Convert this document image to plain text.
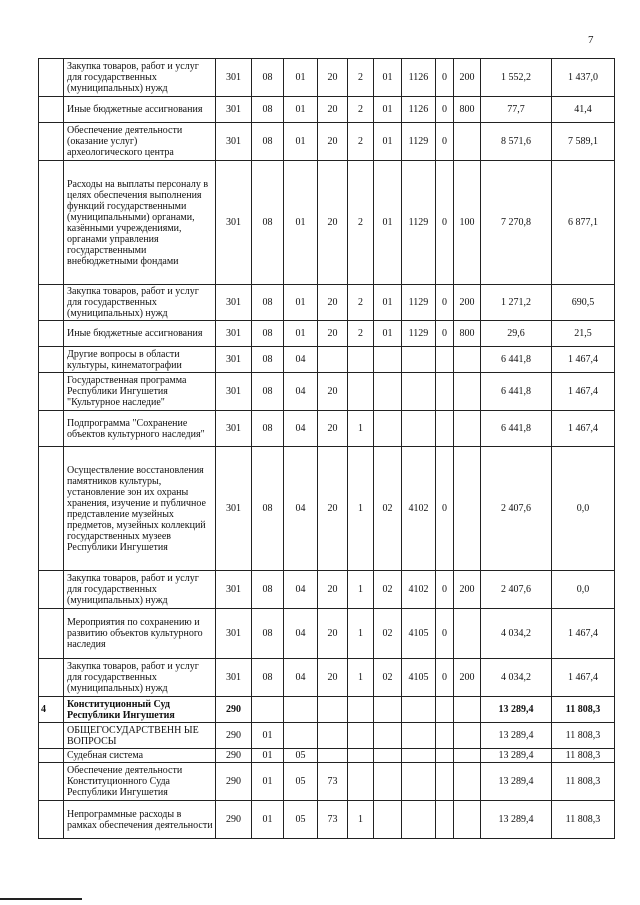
7
	Закупка товаров, работ и услуг для государственных (муниципальных) нужд	301	08	01	20	2	01	1126	0	200	1 552,2	1 437,0
	Иные бюджетные ассигнования	301	08	01	20	2	01	1126	0	800	77,7	41,4
	Обеспечение деятельности (оказание услуг) археологического центра	301	08	01	20	2	01	1129	0		8 571,6	7 589,1
	Расходы на выплаты персоналу в целях обеспечения выполнения функций государственными (муниципальными) органами, казёнными учреждениями, органами управления государственными внебюджетными фондами	301	08	01	20	2	01	1129	0	100	7 270,8	6 877,1
	Закупка товаров, работ и услуг для государственных (муниципальных) нужд	301	08	01	20	2	01	1129	0	200	1 271,2	690,5
	Иные бюджетные ассигнования	301	08	01	20	2	01	1129	0	800	29,6	21,5
	Другие вопросы в области культуры, кинематографии	301	08	04							6 441,8	1 467,4
	Государственная программа Республики Ингушетия "Культурное наследие"	301	08	04	20						6 441,8	1 467,4
	Подпрограмма "Сохранение объектов культурного наследия"	301	08	04	20	1					6 441,8	1 467,4
	Осуществление восстановления памятников культуры, установление зон их охраны хранения, изучение и публичное представление музейных предметов, музейных коллекций государственных музеев Республики Ингушетия	301	08	04	20	1	02	4102	0		2 407,6	0,0
	Закупка товаров, работ и услуг для государственных (муниципальных) нужд	301	08	04	20	1	02	4102	0	200	2 407,6	0,0
	Мероприятия по сохранению и развитию объектов культурного наследия	301	08	04	20	1	02	4105	0		4 034,2	1 467,4
	Закупка товаров, работ и услуг для государственных (муниципальных) нужд	301	08	04	20	1	02	4105	0	200	4 034,2	1 467,4
4	Конституционный Суд Республики Ингушетия	290									13 289,4	11 808,3
	ОБЩЕГОСУДАРСТВЕНН ЫЕ ВОПРОСЫ	290	01								13 289,4	11 808,3
	Судебная система	290	01	05							13 289,4	11 808,3
	Обеспечение деятельности Конституционного Суда Республики Ингушетия	290	01	05	73						13 289,4	11 808,3
	Непрограммные расходы в рамках обеспечения деятельности	290	01	05	73	1					13 289,4	11 808,3
